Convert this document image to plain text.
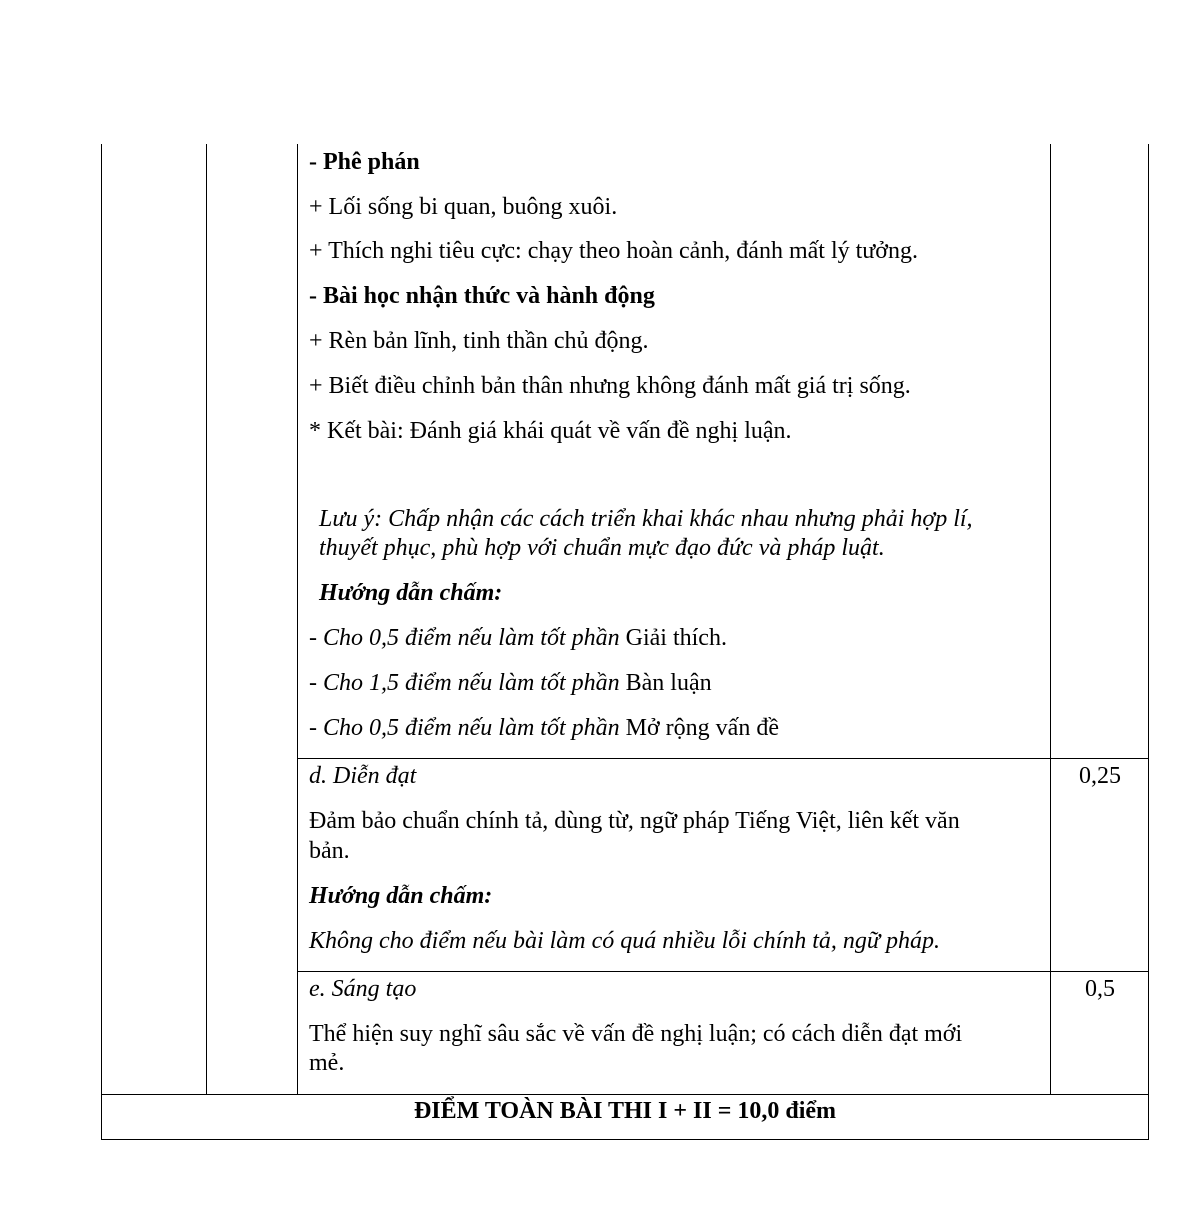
- Phê phán
+ Lối sống bi quan, buông xuôi.
+ Thích nghi tiêu cực: chạy theo hoàn cảnh, đánh mất lý tưởng.
- Bài học nhận thức và hành động
+ Rèn bản lĩnh, tinh thần chủ động.
+ Biết điều chỉnh bản thân nhưng không đánh mất giá trị sống.
* Kết bài: Đánh giá khái quát về vấn đề nghị luận.
Lưu ý: Chấp nhận các cách triển khai khác nhau nhưng phải hợp lí,
thuyết phục, phù hợp với chuẩn mực đạo đức và pháp luật.
Hướng dẫn chấm:
- Cho 0,5 điểm nếu làm tốt phần Giải thích.
- Cho 1,5 điểm nếu làm tốt phần Bàn luận
- Cho 0,5 điểm nếu làm tốt phần Mở rộng vấn đề
d. Diễn đạt	0,25
Đảm bảo chuẩn chính tả, dùng từ, ngữ pháp Tiếng Việt, liên kết văn
bản.
Hướng dẫn chấm:
Không cho điểm nếu bài làm có quá nhiều lỗi chính tả, ngữ pháp.
e. Sáng tạo	0,5
Thể hiện suy nghĩ sâu sắc về vấn đề nghị luận; có cách diễn đạt mới
mẻ.
ĐIỂM TOÀN BÀI THI I + II = 10,0 điểm
